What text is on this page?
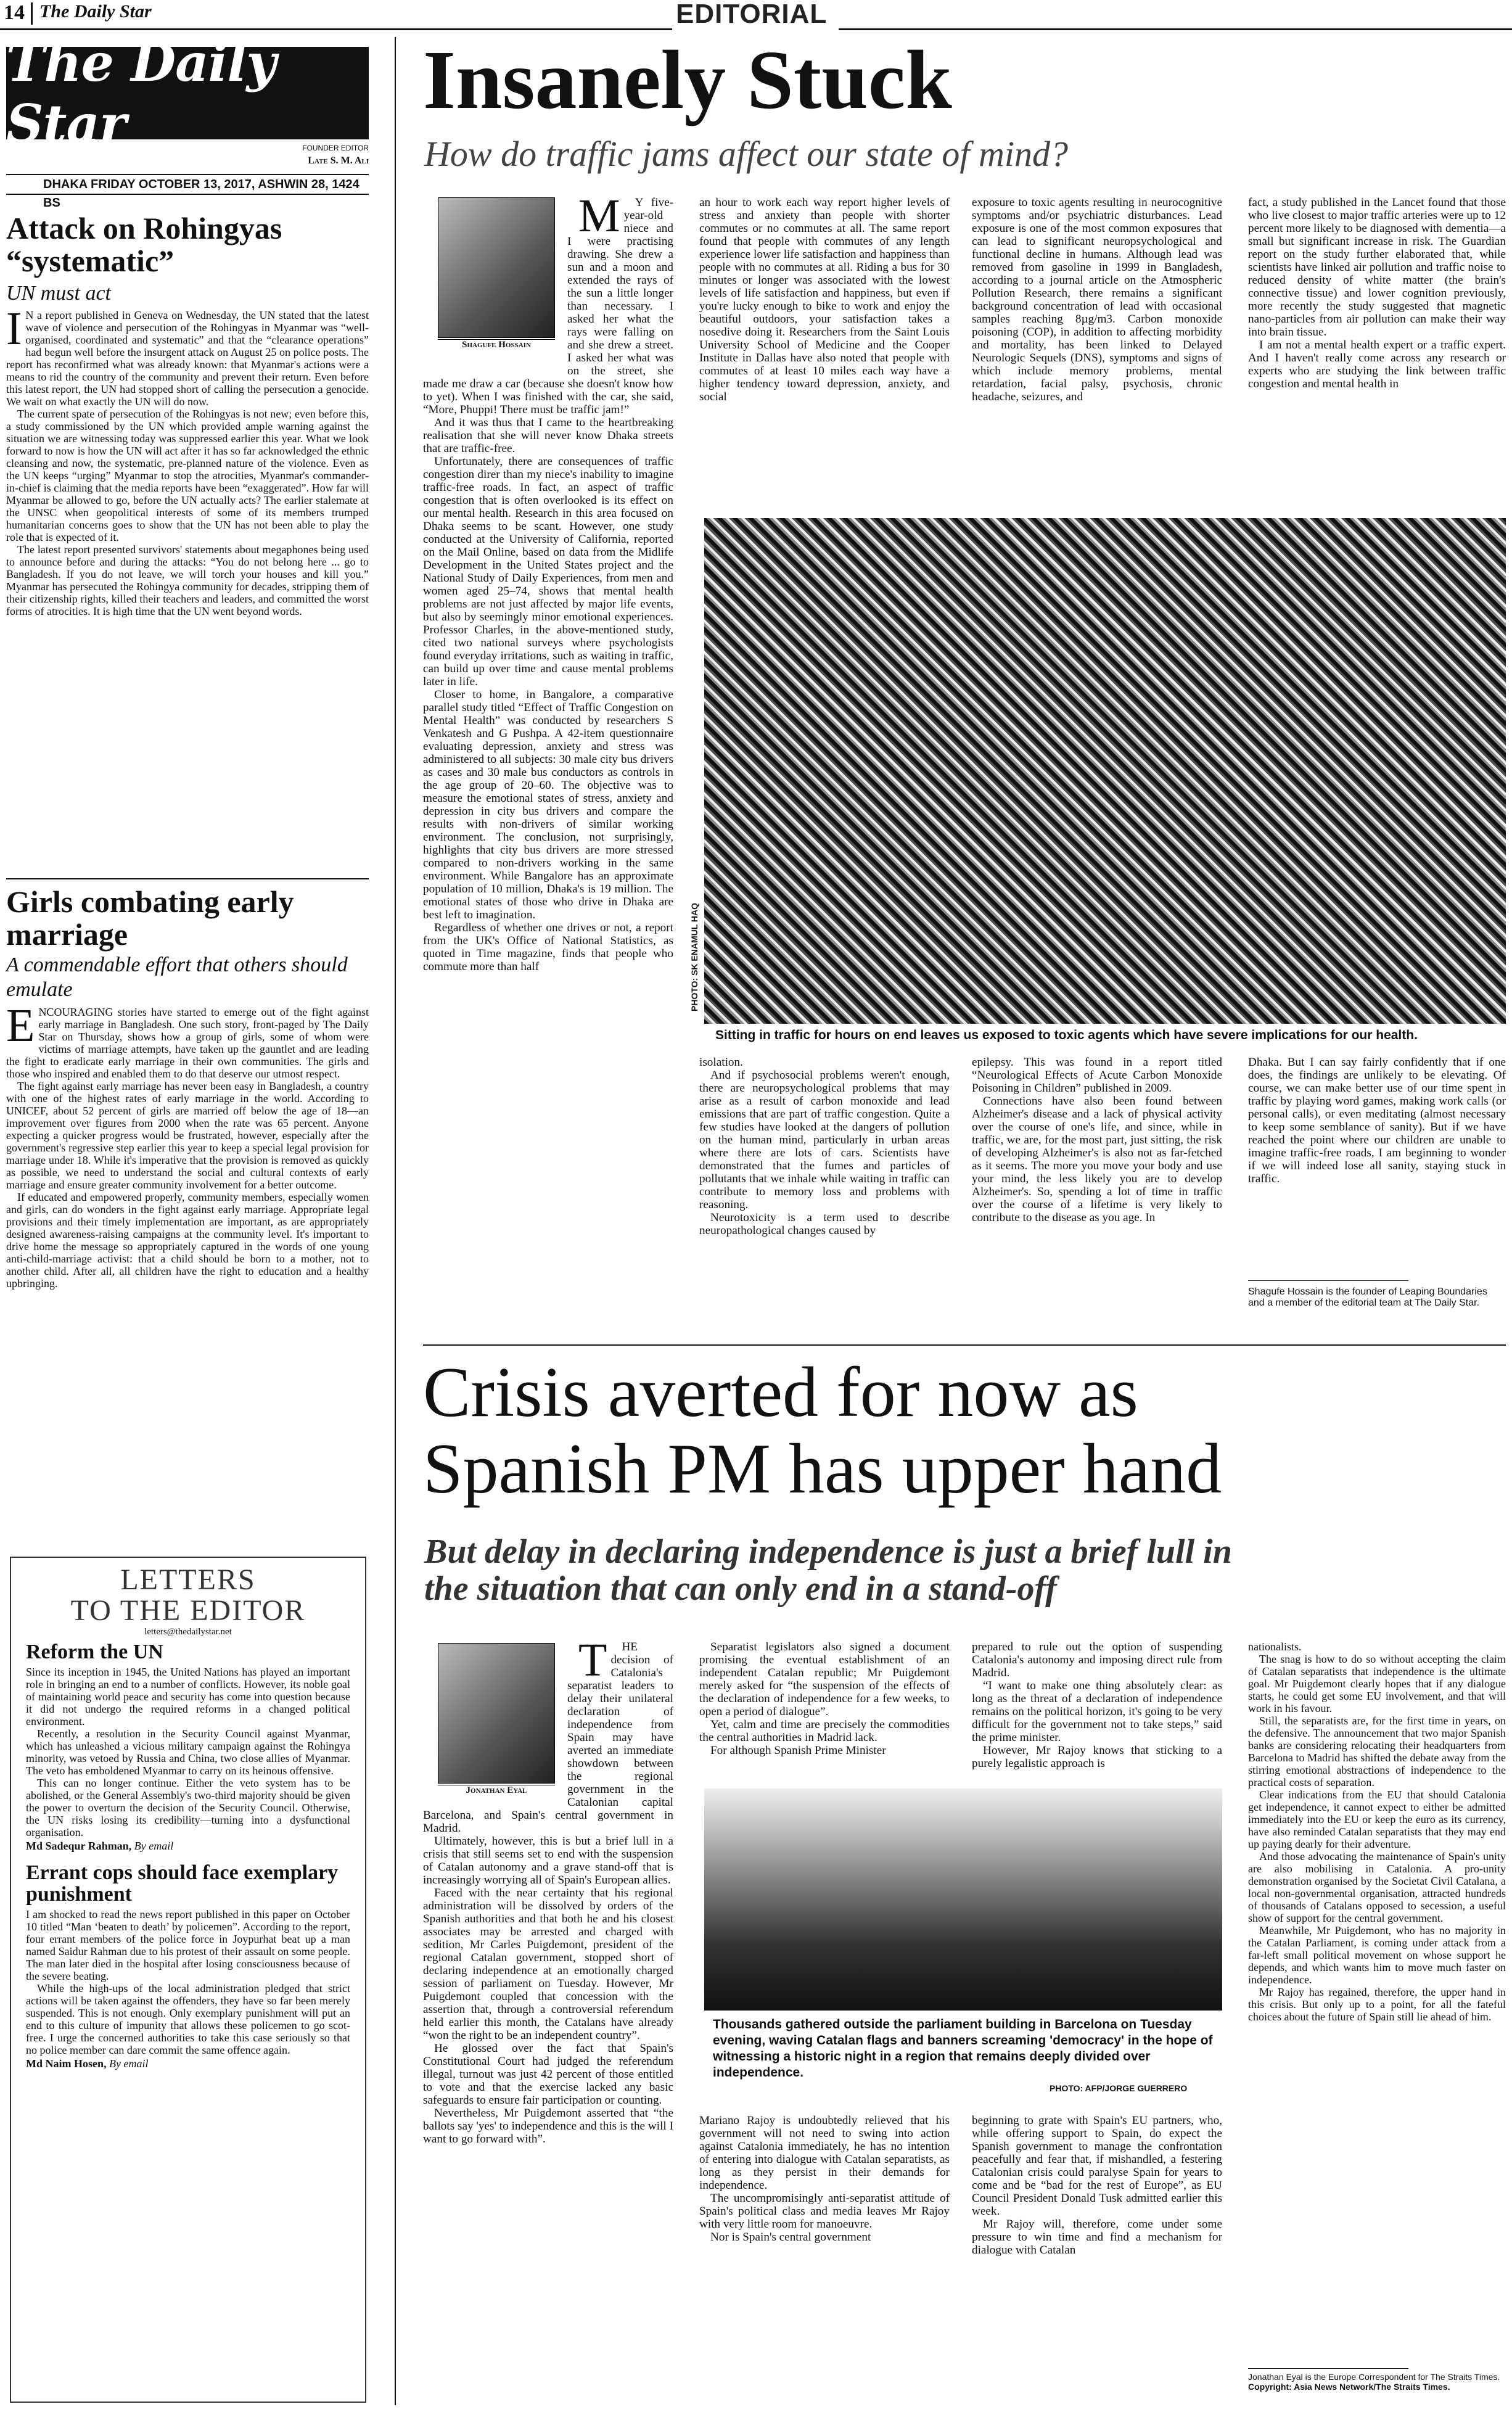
14 The Daily Star	EDITORIAL
The Daily Star	FOUNDER EDITOR
Late S. M. Ali
DHAKA FRIDAY OCTOBER 13, 2017, ASHWIN 28, 1424 BS
Attack on Rohingyas “systematic”
UN must act

I N a report published in Geneva on Wednesday, the UN stated that the latest wave of violence and persecution of the Rohingyas in Myanmar was “well-organised, coordinated and systematic” and that the “clearance operations” had begun well before the insurgent attack on August 25 on police posts. The report has reconfirmed what was already known: that Myanmar's actions were a means to rid the country of the community and prevent their return. Even before this latest report, the UN had stopped short of calling the persecution a genocide. We wait on what exactly the UN will do now.

The current spate of persecution of the Rohingyas is not new; even before this, a study commissioned by the UN which provided ample warning against the situation we are witnessing today was suppressed earlier this year. What we look forward to now is how the UN will act after it has so far acknowledged the ethnic cleansing and now, the systematic, pre-planned nature of the violence. Even as the UN keeps “urging” Myanmar to stop the atrocities, Myanmar's commander-in-chief is claiming that the media reports have been “exaggerated”. How far will Myanmar be allowed to go, before the UN actually acts? The earlier stalemate at the UNSC when geopolitical interests of some of its members trumped humanitarian concerns goes to show that the UN has not been able to play the role that is expected of it.

The latest report presented survivors' statements about megaphones being used to announce before and during the attacks: “You do not belong here ... go to Bangladesh. If you do not leave, we will torch your houses and kill you.” Myanmar has persecuted the Rohingya community for decades, stripping them of their citizenship rights, killed their teachers and leaders, and committed the worst forms of atrocities. It is high time that the UN went beyond words.

Girls combating early marriage
A commendable effort that others should emulate

ENCOURAGING stories have started to emerge out of the fight against early marriage in Bangladesh. One such story, front-paged by The Daily Star on Thursday, shows how a group of girls, some of whom were victims of marriage attempts, have taken up the gauntlet and are leading the fight to eradicate early marriage in their own communities. The girls and those who inspired and enabled them to do that deserve our utmost respect.

The fight against early marriage has never been easy in Bangladesh, a country with one of the highest rates of early marriage in the world. According to UNICEF, about 52 percent of girls are married off below the age of 18—an improvement over figures from 2000 when the rate was 65 percent. Anyone expecting a quicker progress would be frustrated, however, especially after the government's regressive step earlier this year to keep a special legal provision for marriage under 18. While it's imperative that the provision is removed as quickly as possible, we need to understand the social and cultural contexts of early marriage and ensure greater community involvement for a better outcome.

If educated and empowered properly, community members, especially women and girls, can do wonders in the fight against early marriage. Appropriate legal provisions and their timely implementation are important, as are appropriately designed awareness-raising campaigns at the community level. It's important to drive home the message so appropriately captured in the words of one young anti-child-marriage activist: that a child should be born to a mother, not to another child. After all, all children have the right to education and a healthy upbringing.

LETTERS
TO THE EDITOR
letters@thedailystar.net
Reform the UN

Since its inception in 1945, the United Nations has played an important role in bringing an end to a number of conflicts. However, its noble goal of maintaining world peace and security has come into question because it did not undergo the required reforms in a changed political environment.

Recently, a resolution in the Security Council against Myanmar, which has unleashed a vicious military campaign against the Rohingya minority, was vetoed by Russia and China, two close allies of Myanmar. The veto has emboldened Myanmar to carry on its heinous offensive.

This can no longer continue. Either the veto system has to be abolished, or the General Assembly's two-third majority should be given the power to overturn the decision of the Security Council. Otherwise, the UN risks losing its credibility—turning into a dysfunctional organisation.

Md Sadequr Rahman, By email

Errant cops should face exemplary punishment

I am shocked to read the news report published in this paper on October 10 titled “Man ‘beaten to death’ by policemen”. According to the report, four errant members of the police force in Joypurhat beat up a man named Saidur Rahman due to his protest of their assault on some people. The man later died in the hospital after losing consciousness because of the severe beating.

While the high-ups of the local administration pledged that strict actions will be taken against the offenders, they have so far been merely suspended. This is not enough. Only exemplary punishment will put an end to this culture of impunity that allows these policemen to go scot-free. I urge the concerned authorities to take this case seriously so that no police member can dare commit the same offence again.

Md Naim Hosen, By email

Insanely Stuck
How do traffic jams affect our state of mind?
Shagufe Hossain

M	Y five-year-old niece and I were practising drawing. She drew a sun and a moon and extended the rays of the sun a little longer than necessary. I asked her what the rays were falling on and she drew a street. I asked her what was on the street, she made me draw a car (because she doesn't know how to yet). When I was finished with the car, she said, “More, Phuppi! There must be traffic jam!”

And it was thus that I came to the heartbreaking realisation that she will never know Dhaka streets that are traffic-free.

Unfortunately, there are consequences of traffic congestion direr than my niece's inability to imagine traffic-free roads. In fact, an aspect of traffic congestion that is often overlooked is its effect on our mental health. Research in this area focused on Dhaka seems to be scant. However, one study conducted at the University of California, reported on the Mail Online, based on data from the Midlife Development in the United States project and the National Study of Daily Experiences, from men and women aged 25–74, shows that mental health problems are not just affected by major life events, but also by seemingly minor emotional experiences. Professor Charles, in the above-mentioned study, cited two national surveys where psychologists found everyday irritations, such as waiting in traffic, can build up over time and cause mental problems later in life.

Closer to home, in Bangalore, a comparative parallel study titled “Effect of Traffic Congestion on Mental Health” was conducted by researchers S Venkatesh and G Pushpa. A 42-item questionnaire evaluating depression, anxiety and stress was administered to all subjects: 30 male city bus drivers as cases and 30 male bus conductors as controls in the age group of 20–60. The objective was to measure the emotional states of stress, anxiety and depression in city bus drivers and compare the results with non-drivers of similar working environment. The conclusion, not surprisingly, highlights that city bus drivers are more stressed compared to non-drivers working in the same environment. While Bangalore has an approximate population of 10 million, Dhaka's is 19 million. The emotional states of those who drive in Dhaka are best left to imagination.

Regardless of whether one drives or not, a report from the UK's Office of National Statistics, as quoted in Time magazine, finds that people who commute more than half

an hour to work each way report higher levels of stress and anxiety than people with shorter commutes or no commutes at all. The same report found that people with commutes of any length experience lower life satisfaction and happiness than people with no commutes at all. Riding a bus for 30 minutes or longer was associated with the lowest levels of life satisfaction and happiness, but even if you're lucky enough to bike to work and enjoy the beautiful outdoors, your satisfaction takes a nosedive doing it. Researchers from the Saint Louis University School of Medicine and the Cooper Institute in Dallas have also noted that people with commutes of at least 10 miles each way have a higher tendency toward depression, anxiety, and social

exposure to toxic agents resulting in neurocognitive symptoms and/or psychiatric disturbances. Lead exposure is one of the most common exposures that can lead to significant neuropsychological and functional decline in humans. Although lead was removed from gasoline in 1999 in Bangladesh, according to a journal article on the Atmospheric Pollution Research, there remains a significant background concentration of lead with occasional samples reaching 8µg/m3. Carbon monoxide poisoning (COP), in addition to affecting morbidity and mortality, has been linked to Delayed Neurologic Sequels (DNS), symptoms and signs of which include memory problems, mental retardation, facial palsy, psychosis, chronic headache, seizures, and

fact, a study published in the Lancet found that those who live closest to major traffic arteries were up to 12 percent more likely to be diagnosed with dementia—a small but significant increase in risk. The Guardian report on the study further elaborated that, while scientists have linked air pollution and traffic noise to reduced density of white matter (the brain's connective tissue) and lower cognition previously, more recently the study suggested that magnetic nano-particles from air pollution can make their way into brain tissue.

I am not a mental health expert or a traffic expert. And I haven't really come across any research or experts who are studying the link between traffic congestion and mental health in

PHOTO: SK ENAMUL HAQ
Sitting in traffic for hours on end leaves us exposed to toxic agents which have severe implications for our health.

isolation.

And if psychosocial problems weren't enough, there are neuropsychological problems that may arise as a result of carbon monoxide and lead emissions that are part of traffic congestion. Quite a few studies have looked at the dangers of pollution on the human mind, particularly in urban areas where there are lots of cars. Scientists have demonstrated that the fumes and particles of pollutants that we inhale while waiting in traffic can contribute to memory loss and problems with reasoning.

Neurotoxicity is a term used to describe neuropathological changes caused by

epilepsy. This was found in a report titled “Neurological Effects of Acute Carbon Monoxide Poisoning in Children” published in 2009.

Connections have also been found between Alzheimer's disease and a lack of physical activity over the course of one's life, and since, while in traffic, we are, for the most part, just sitting, the risk of developing Alzheimer's is also not as far-fetched as it seems. The more you move your body and use your mind, the less likely you are to develop Alzheimer's. So, spending a lot of time in traffic over the course of a lifetime is very likely to contribute to the disease as you age. In

Dhaka. But I can say fairly confidently that if one does, the findings are unlikely to be elevating. Of course, we can make better use of our time spent in traffic by playing word games, making work calls (or personal calls), or even meditating (almost necessary to keep some semblance of sanity). But if we have reached the point where our children are unable to imagine traffic-free roads, I am beginning to wonder if we will indeed lose all sanity, staying stuck in traffic.

Shagufe Hossain is the founder of Leaping Boundaries and a member of the editorial team at The Daily Star.
Crisis averted for now as
Spanish PM has upper hand
But delay in declaring independence is just a brief lull in
the situation that can only end in a stand-off
Jonathan Eyal

T	HE decision of Catalonia's separatist leaders to delay their unilateral declaration of independence from Spain may have averted an immediate showdown between the regional government in the Catalonian capital Barcelona, and Spain's central government in Madrid.

Ultimately, however, this is but a brief lull in a crisis that still seems set to end with the suspension of Catalan autonomy and a grave stand-off that is increasingly worrying all of Spain's European allies.

Faced with the near certainty that his regional administration will be dissolved by orders of the Spanish authorities and that both he and his closest associates may be arrested and charged with sedition, Mr Carles Puigdemont, president of the regional Catalan government, stopped short of declaring independence at an emotionally charged session of parliament on Tuesday. However, Mr Puigdemont coupled that concession with the assertion that, through a controversial referendum held earlier this month, the Catalans have already “won the right to be an independent country”.

He glossed over the fact that Spain's Constitutional Court had judged the referendum illegal, turnout was just 42 percent of those entitled to vote and that the exercise lacked any basic safeguards to ensure fair participation or counting.

Nevertheless, Mr Puigdemont asserted that “the ballots say 'yes' to independence and this is the will I want to go forward with”.

Separatist legislators also signed a document promising the eventual establishment of an independent Catalan republic; Mr Puigdemont merely asked for “the suspension of the effects of the declaration of independence for a few weeks, to open a period of dialogue”.

Yet, calm and time are precisely the commodities the central authorities in Madrid lack.

For although Spanish Prime Minister

prepared to rule out the option of suspending Catalonia's autonomy and imposing direct rule from Madrid.

“I want to make one thing absolutely clear: as long as the threat of a declaration of independence remains on the political horizon, it's going to be very difficult for the government not to take steps,” said the prime minister.

However, Mr Rajoy knows that sticking to a purely legalistic approach is

Thousands gathered outside the parliament building in Barcelona on Tuesday evening, waving Catalan flags and banners screaming 'democracy' in the hope of witnessing a historic night in a region that remains deeply divided over independence.
PHOTO: AFP/JORGE GUERRERO

Mariano Rajoy is undoubtedly relieved that his government will not need to swing into action against Catalonia immediately, he has no intention of entering into dialogue with Catalan separatists, as long as they persist in their demands for independence.

The uncompromisingly anti-separatist attitude of Spain's political class and media leaves Mr Rajoy with very little room for manoeuvre.

Nor is Spain's central government

beginning to grate with Spain's EU partners, who, while offering support to Spain, do expect the Spanish government to manage the confrontation peacefully and fear that, if mishandled, a festering Catalonian crisis could paralyse Spain for years to come and be “bad for the rest of Europe”, as EU Council President Donald Tusk admitted earlier this week.

Mr Rajoy will, therefore, come under some pressure to win time and find a mechanism for dialogue with Catalan

nationalists.

The snag is how to do so without accepting the claim of Catalan separatists that independence is the ultimate goal. Mr Puigdemont clearly hopes that if any dialogue starts, he could get some EU involvement, and that will work in his favour.

Still, the separatists are, for the first time in years, on the defensive. The announcement that two major Spanish banks are considering relocating their headquarters from Barcelona to Madrid has shifted the debate away from the stirring emotional abstractions of independence to the practical costs of separation.

Clear indications from the EU that should Catalonia get independence, it cannot expect to either be admitted immediately into the EU or keep the euro as its currency, have also reminded Catalan separatists that they may end up paying dearly for their adventure.

And those advocating the maintenance of Spain's unity are also mobilising in Catalonia. A pro-unity demonstration organised by the Societat Civil Catalana, a local non-governmental organisation, attracted hundreds of thousands of Catalans opposed to secession, a useful show of support for the central government.

Meanwhile, Mr Puigdemont, who has no majority in the Catalan Parliament, is coming under attack from a far-left small political movement on whose support he depends, and which wants him to move much faster on independence.

Mr Rajoy has regained, therefore, the upper hand in this crisis. But only up to a point, for all the fateful choices about the future of Spain still lie ahead of him.

Jonathan Eyal is the Europe Correspondent for The Straits Times.
Copyright: Asia News Network/The Straits Times.
